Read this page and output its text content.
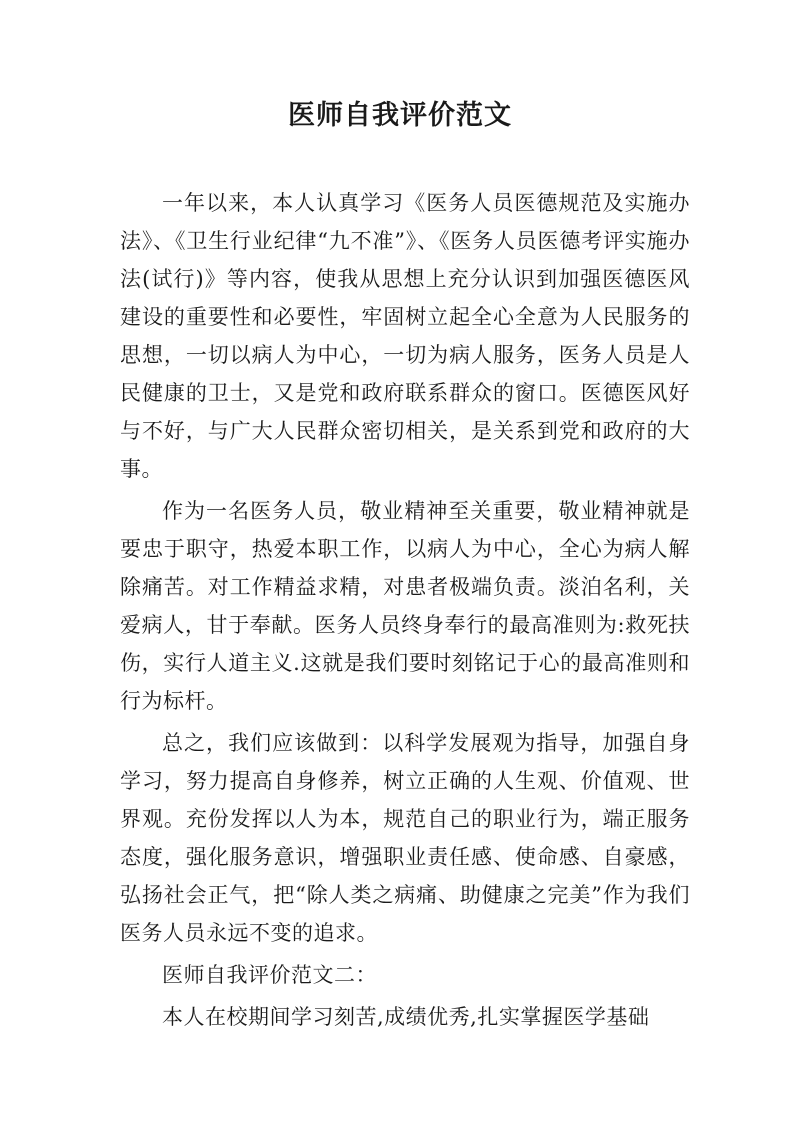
医师自我评价范文

一年以来，本人认真学习《医务人员医德规范及实施办法》、《卫生行业纪律“九不准”》、《医务人员医德考评实施办法(试行)》等内容，使我从思想上充分认识到加强医德医风建设的重要性和必要性，牢固树立起全心全意为人民服务的思想，一切以病人为中心，一切为病人服务，医务人员是人民健康的卫士，又是党和政府联系群众的窗口。医德医风好与不好，与广大人民群众密切相关，是关系到党和政府的大事。

作为一名医务人员，敬业精神至关重要，敬业精神就是要忠于职守，热爱本职工作，以病人为中心，全心为病人解除痛苦。对工作精益求精，对患者极端负责。淡泊名利，关爱病人，甘于奉献。医务人员终身奉行的最高准则为:救死扶伤，实行人道主义.这就是我们要时刻铭记于心的最高准则和行为标杆。

总之，我们应该做到：以科学发展观为指导，加强自身学习，努力提高自身修养，树立正确的人生观、价值观、世界观。充份发挥以人为本，规范自己的职业行为，端正服务态度，强化服务意识，增强职业责任感、使命感、自豪感，弘扬社会正气，把“除人类之病痛、助健康之完美”作为我们医务人员永远不变的追求。

医师自我评价范文二：

本人在校期间学习刻苦,成绩优秀,扎实掌握医学基础
